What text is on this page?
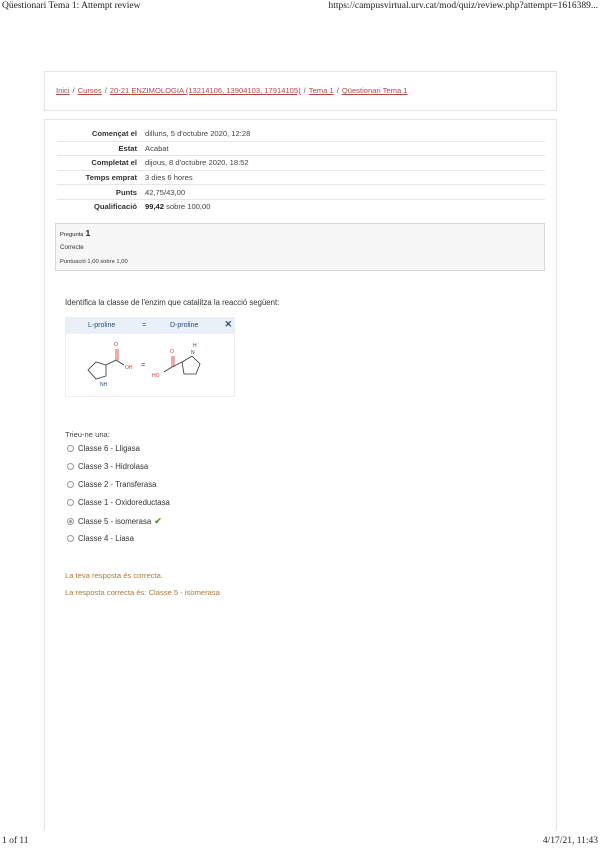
Qüestionari Tema 1: Attempt review	https://campusvirtual.urv.cat/mod/quiz/review.php?attempt=1616389...
Inici / Cursos / 20-21 ENZIMOLOGIA (13214106, 13904103, 17914105) / Tema 1 / Qüestionari Tema 1
Començat el	dilluns, 5 d'octubre 2020, 12:28
Estat	Acabat
Completat el	dijous, 8 d'octubre 2020, 18:52
Temps emprat	3 dies 6 hores
Punts	42,75/43,00
Qualificació	99,42 sobre 100,00
Pregunta 1
Correcte
Puntuació 1,00 sobre 1,00
Identifica la classe de l'enzim que catalitza la reacció següent:
L-proline	=	D-proline	✕
O
OH
NH
=
O
HO
H
N
Trieu-ne una:
Classe 6 - Lligasa
Classe 3 - Hidrolasa
Classe 2 - Transferasa
Classe 1 - Oxidoreductasa
Classe 5 - isomerasa ✔
Classe 4 - Liasa
La teva resposta és correcta.
La resposta correcta és: Classe 5 - isomerasa
1 of 11	4/17/21, 11:43
